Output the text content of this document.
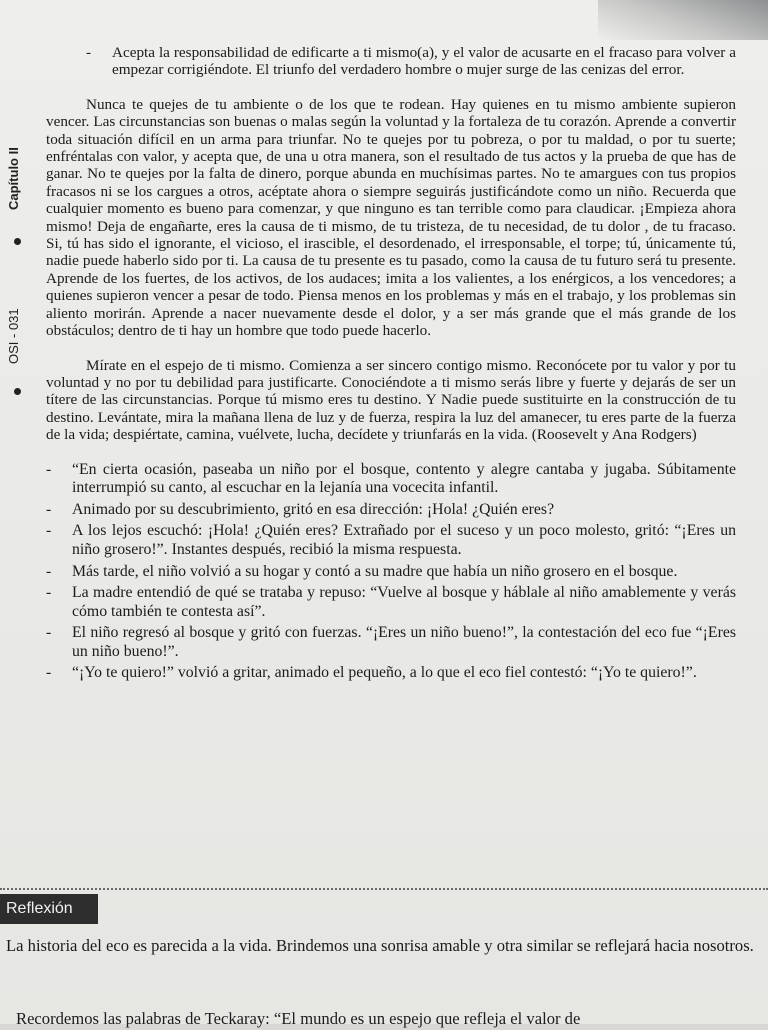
Capítulo II
OSI - 031
-	Acepta la responsabilidad de edificarte a ti mismo(a), y el valor de acusarte en el fracaso para volver a empezar corrigiéndote. El triunfo del verdadero hombre o mujer surge de las cenizas del error.

Nunca te quejes de tu ambiente o de los que te rodean. Hay quienes en tu mismo ambiente supieron vencer. Las circunstancias son buenas o malas según la voluntad y la fortaleza de tu corazón. Aprende a convertir toda situación difícil en un arma para triunfar. No te quejes por tu pobreza, o por tu maldad, o por tu suerte; enfréntalas con valor, y acepta que, de una u otra manera, son el resultado de tus actos y la prueba de que has de ganar. No te quejes por la falta de dinero, porque abunda en muchísimas partes. No te amargues con tus propios fracasos ni se los cargues a otros, acéptate ahora o siempre seguirás justificándote como un niño. Recuerda que cualquier momento es bueno para comenzar, y que ninguno es tan terrible como para claudicar. ¡Empieza ahora mismo! Deja de engañarte, eres la causa de ti mismo, de tu tristeza, de tu necesidad, de tu dolor , de tu fracaso. Si, tú has sido el ignorante, el vicioso, el irascible, el desordenado, el irresponsable, el torpe; tú, únicamente tú, nadie puede haberlo sido por ti. La causa de tu presente es tu pasado, como la causa de tu futuro será tu presente. Aprende de los fuertes, de los activos, de los audaces; imita a los valientes, a los enérgicos, a los vencedores; a quienes supieron vencer a pesar de todo. Piensa menos en los problemas y más en el trabajo, y los problemas sin aliento morirán. Aprende a nacer nuevamente desde el dolor, y a ser más grande que el más grande de los obstáculos; dentro de ti hay un hombre que todo puede hacerlo.

Mírate en el espejo de ti mismo. Comienza a ser sincero contigo mismo. Reconócete por tu valor y por tu voluntad y no por tu debilidad para justificarte. Conociéndote a ti mismo serás libre y fuerte y dejarás de ser un títere de las circunstancias. Porque tú mismo eres tu destino. Y Nadie puede sustituirte en la construcción de tu destino. Levántate, mira la mañana llena de luz y de fuerza, respira la luz del amanecer, tu eres parte de la fuerza de la vida; despiértate, camina, vuélvete, lucha, decídete y triunfarás en la vida. (Roosevelt y Ana Rodgers)

-	“En cierta ocasión, paseaba un niño por el bosque, contento y alegre cantaba y jugaba. Súbitamente interrumpió su canto, al escuchar en la lejanía una vocecita infantil.
-	Animado por su descubrimiento, gritó en esa dirección: ¡Hola! ¿Quién eres?
-	A los lejos escuchó: ¡Hola! ¿Quién eres? Extrañado por el suceso y un poco molesto, gritó: “¡Eres un niño grosero!”. Instantes después, recibió la misma respuesta.
-	Más tarde, el niño volvió a su hogar y contó a su madre que había un niño grosero en el bosque.
-	La madre entendió de qué se trataba y repuso: “Vuelve al bosque y háblale al niño amablemente y verás cómo también te contesta así”.
-	El niño regresó al bosque y gritó con fuerzas. “¡Eres un niño bueno!”, la contestación del eco fue “¡Eres un niño bueno!”.
-	“¡Yo te quiero!” volvió a gritar, animado el pequeño, a lo que el eco fiel contestó: “¡Yo te quiero!”.
Reflexión
La historia del eco es parecida a la vida. Brindemos una sonrisa amable y otra similar se reflejará hacia nosotros.
Recordemos las palabras de Teckaray: “El mundo es un espejo que refleja el valor de
